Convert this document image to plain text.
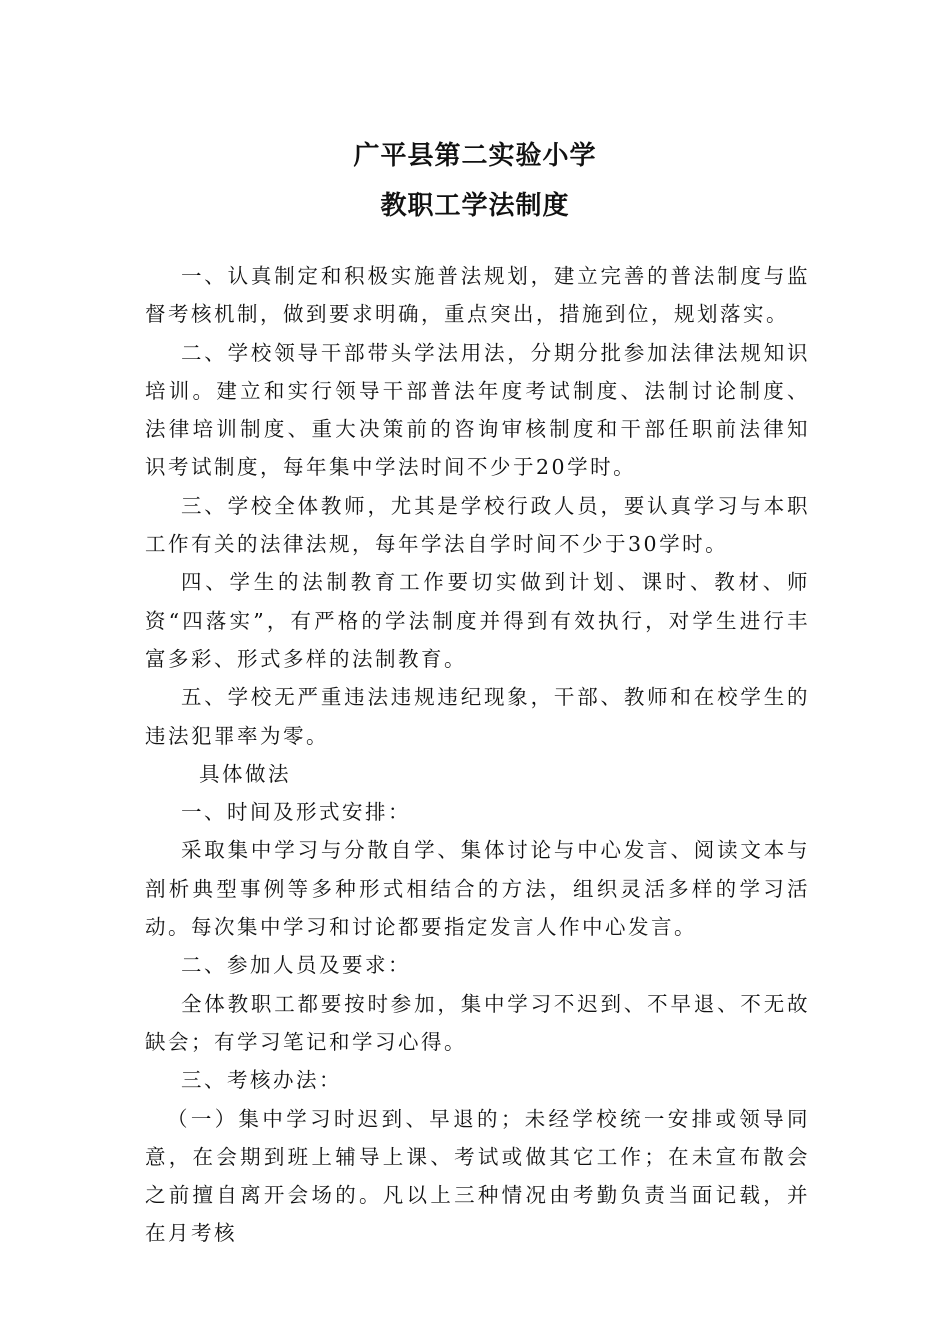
广平县第二实验小学
教职工学法制度

一、认真制定和积极实施普法规划，建立完善的普法制度与监督考核机制，做到要求明确，重点突出，措施到位，规划落实。

二、学校领导干部带头学法用法，分期分批参加法律法规知识培训。建立和实行领导干部普法年度考试制度、法制讨论制度、法律培训制度、重大决策前的咨询审核制度和干部任职前法律知识考试制度，每年集中学法时间不少于20学时。

三、学校全体教师，尤其是学校行政人员，要认真学习与本职工作有关的法律法规，每年学法自学时间不少于30学时。

四、学生的法制教育工作要切实做到计划、课时、教材、师资“四落实”，有严格的学法制度并得到有效执行，对学生进行丰富多彩、形式多样的法制教育。

五、学校无严重违法违规违纪现象，干部、教师和在校学生的违法犯罪率为零。

具体做法

一、时间及形式安排：

采取集中学习与分散自学、集体讨论与中心发言、阅读文本与剖析典型事例等多种形式相结合的方法，组织灵活多样的学习活动。每次集中学习和讨论都要指定发言人作中心发言。

二、参加人员及要求：

全体教职工都要按时参加，集中学习不迟到、不早退、不无故缺会；有学习笔记和学习心得。

三、考核办法：

（一）集中学习时迟到、早退的；未经学校统一安排或领导同意，在会期到班上辅导上课、考试或做其它工作；在未宣布散会之前擅自离开会场的。凡以上三种情况由考勤负责当面记载，并在月考核
